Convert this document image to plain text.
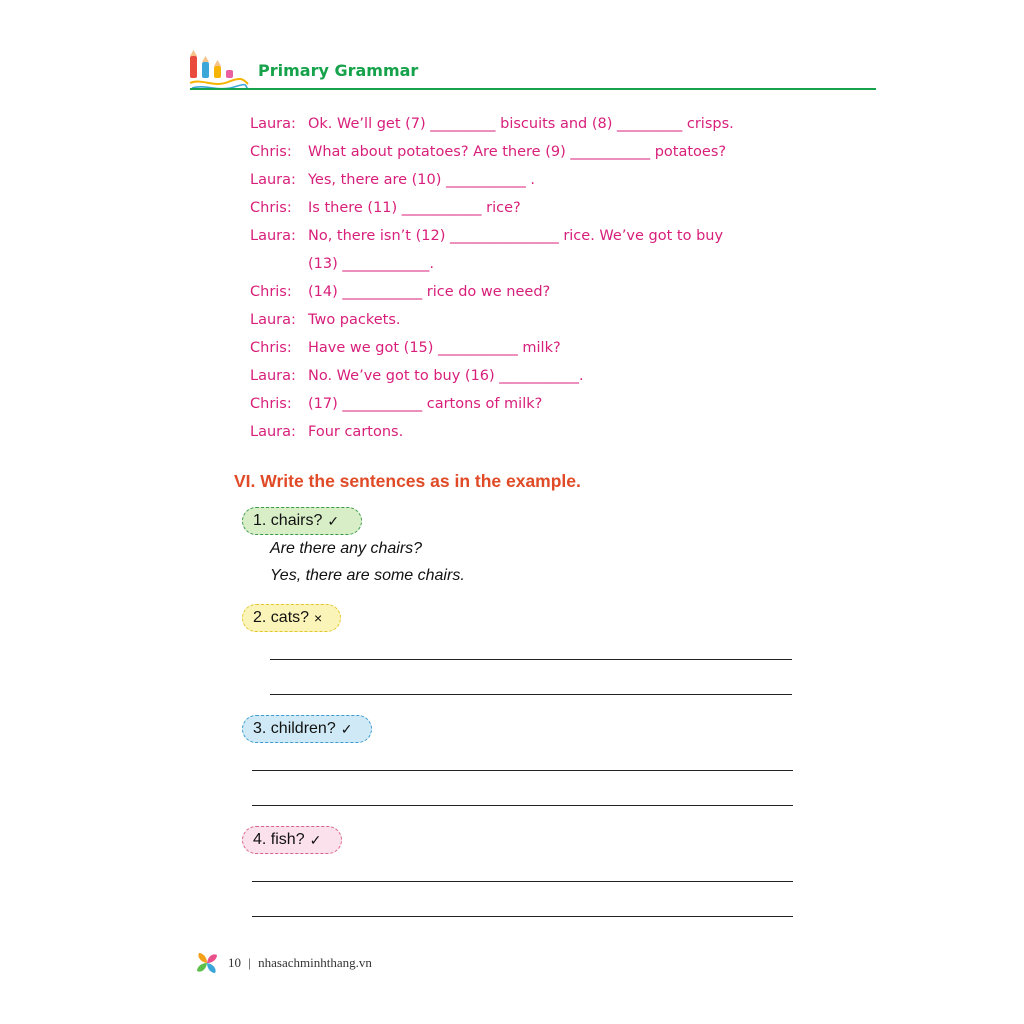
Primary Grammar
Laura: Ok. We’ll get (7) _________ biscuits and (8) _________ crisps.
Chris: What about potatoes? Are there (9) ___________ potatoes?
Laura: Yes, there are (10) ___________ .
Chris: Is there (11) ___________ rice?
Laura: No, there isn’t (12) _______________ rice. We’ve got to buy
(13) ____________.
Chris: (14) ___________ rice do we need?
Laura: Two packets.
Chris: Have we got (15) ___________ milk?
Laura: No. We’ve got to buy (16) ___________.
Chris: (17) ___________ cartons of milk?
Laura: Four cartons.
VI. Write the sentences as in the example.
1. chairs? ✓
Are there any chairs?
Yes, there are some chairs.
2. cats? ×
3. children? ✓
4. fish? ✓
10 | nhasachminhthang.vn
